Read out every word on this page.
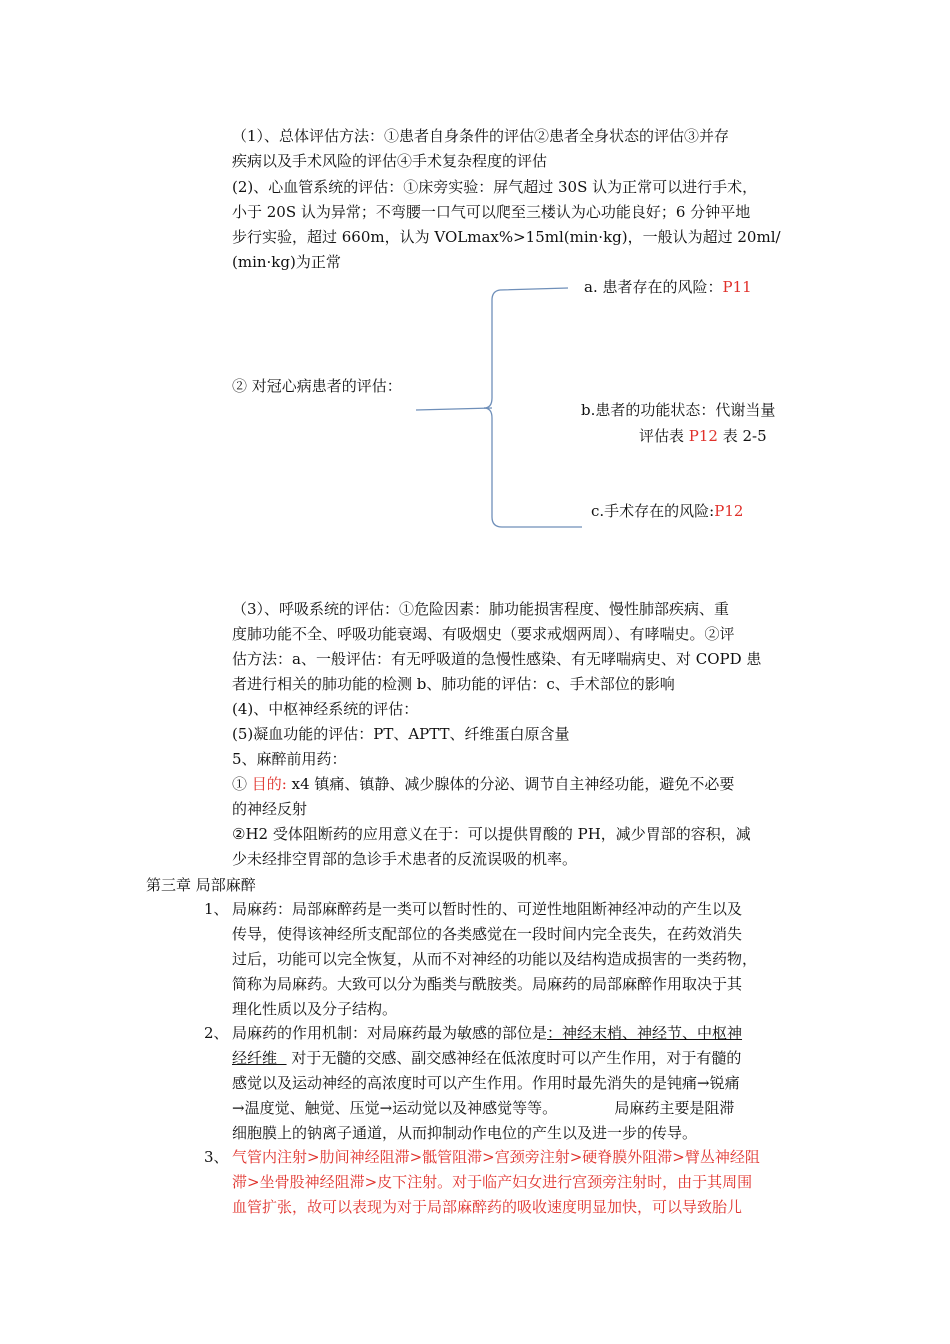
（1）、总体评估方法：①患者自身条件的评估②患者全身状态的评估③并存
疾病以及手术风险的评估④手术复杂程度的评估
(2)、心血管系统的评估：①床旁实验：屏气超过 30S 认为正常可以进行手术，
小于 20S 认为异常；不弯腰一口气可以爬至三楼认为心功能良好；6 分钟平地
步行实验，超过 660m，认为 VOLmax%>15ml(min·kg)，一般认为超过 20ml/
(min·kg)为正常
a. 患者存在的风险：P11
② 对冠心病患者的评估：
b.患者的功能状态：代谢当量
评估表 P12 表 2-5
c.手术存在的风险:P12
（3）、呼吸系统的评估：①危险因素：肺功能损害程度、慢性肺部疾病、重
度肺功能不全、呼吸功能衰竭、有吸烟史（要求戒烟两周）、有哮喘史。②评
估方法：a、一般评估：有无呼吸道的急慢性感染、有无哮喘病史、对 COPD 患
者进行相关的肺功能的检测 b、肺功能的评估：c、手术部位的影响
(4)、中枢神经系统的评估：
(5)凝血功能的评估：PT、APTT、纤维蛋白原含量
5、麻醉前用药：
① 目的: x4 镇痛、镇静、减少腺体的分泌、调节自主神经功能，避免不必要
的神经反射
②H2 受体阻断药的应用意义在于：可以提供胃酸的 PH，减少胃部的容积，减
少未经排空胃部的急诊手术患者的反流误吸的机率。
第三章 局部麻醉
1、 局麻药：局部麻醉药是一类可以暂时性的、可逆性地阻断神经冲动的产生以及
传导，使得该神经所支配部位的各类感觉在一段时间内完全丧失，在药效消失
过后，功能可以完全恢复，从而不对神经的功能以及结构造成损害的一类药物，
简称为局麻药。大致可以分为酯类与酰胺类。局麻药的局部麻醉作用取决于其
理化性质以及分子结构。
2、 局麻药的作用机制：对局麻药最为敏感的部位是：神经末梢、神经节、中枢神
经纤维   对于无髓的交感、副交感神经在低浓度时可以产生作用，对于有髓的
感觉以及运动神经的高浓度时可以产生作用。作用时最先消失的是钝痛→锐痛
→温度觉、触觉、压觉→运动觉以及神感觉等等。            局麻药主要是阻滞
细胞膜上的钠离子通道，从而抑制动作电位的产生以及进一步的传导。
3、 气管内注射>肋间神经阻滞>骶管阻滞>宫颈旁注射>硬脊膜外阻滞>臂丛神经阻
滞>坐骨股神经阻滞>皮下注射。对于临产妇女进行宫颈旁注射时，由于其周围
血管扩张，故可以表现为对于局部麻醉药的吸收速度明显加快，可以导致胎儿
